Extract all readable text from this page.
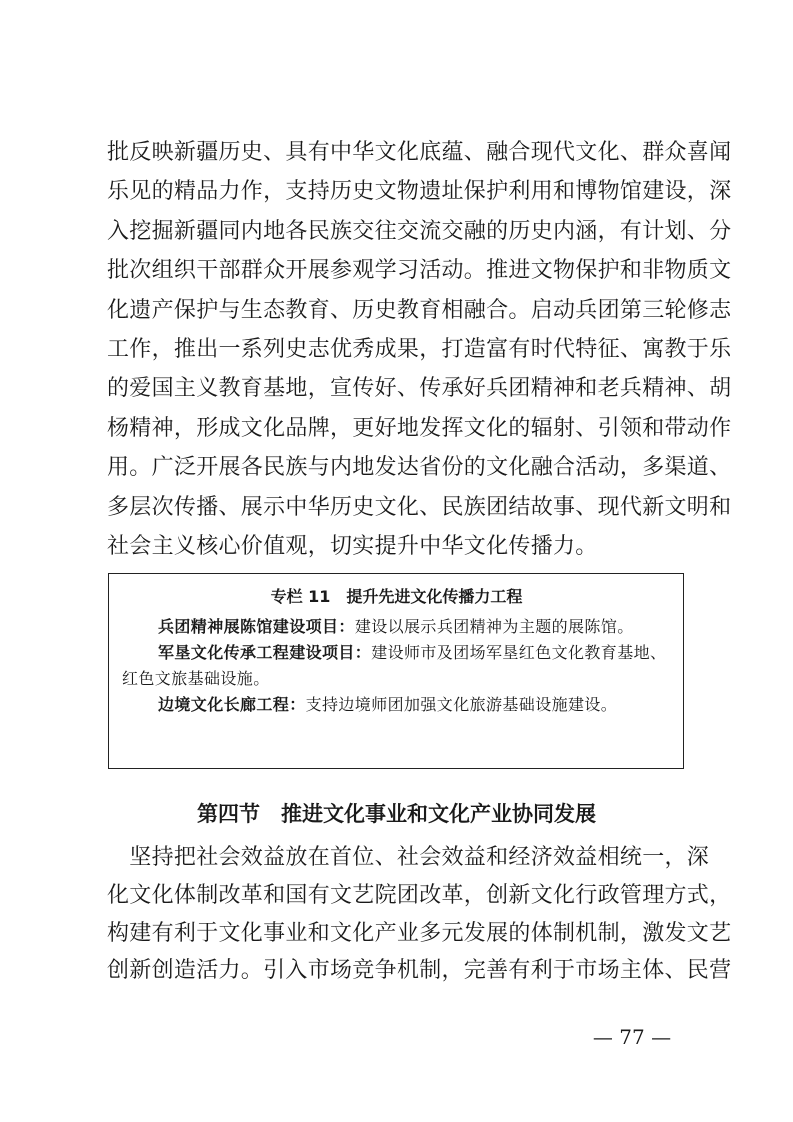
批反映新疆历史、具有中华文化底蕴、融合现代文化、群众喜闻
乐见的精品力作，支持历史文物遗址保护利用和博物馆建设，深
入挖掘新疆同内地各民族交往交流交融的历史内涵，有计划、分
批次组织干部群众开展参观学习活动。推进文物保护和非物质文
化遗产保护与生态教育、历史教育相融合。启动兵团第三轮修志
工作，推出一系列史志优秀成果，打造富有时代特征、寓教于乐
的爱国主义教育基地，宣传好、传承好兵团精神和老兵精神、胡
杨精神，形成文化品牌，更好地发挥文化的辐射、引领和带动作
用。广泛开展各民族与内地发达省份的文化融合活动，多渠道、
多层次传播、展示中华历史文化、民族团结故事、现代新文明和
社会主义核心价值观，切实提升中华文化传播力。

专栏 11　提升先进文化传播力工程

兵团精神展陈馆建设项目：建设以展示兵团精神为主题的展陈馆。

军垦文化传承工程建设项目：建设师市及团场军垦红色文化教育基地、红色文旅基础设施。

边境文化长廊工程：支持边境师团加强文化旅游基础设施建设。

第四节　推进文化事业和文化产业协同发展
　坚持把社会效益放在首位、社会效益和经济效益相统一，深
化文化体制改革和国有文艺院团改革，创新文化行政管理方式，
构建有利于文化事业和文化产业多元发展的体制机制，激发文艺
创新创造活力。引入市场竞争机制，完善有利于市场主体、民营
— 77 —
